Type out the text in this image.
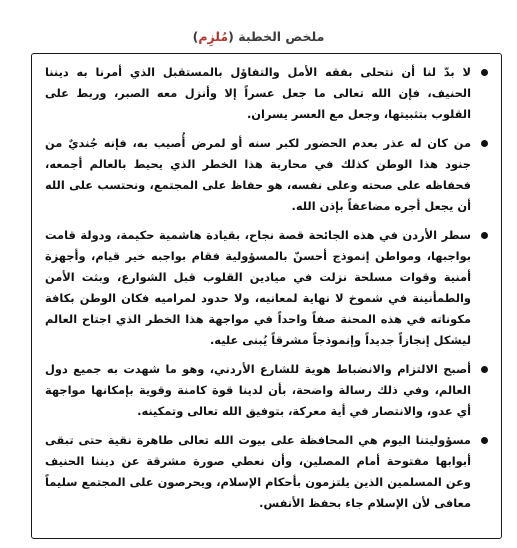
ملخص الخطبة (مُلزِم)
لا بدّ لنا أن نتحلى بفقه الأمل والتفاؤل بالمستقبل الذي أمرنا به ديننا الحنيف، فإن الله تعالى ما جعل عسراً إلا وأنزل معه الصبر، وربط على القلوب بتثبيتها، وجعل مع العسر يسران.
من كان له عذر بعدم الحضور لكبر سنه أو لمرض أُصيب به، فإنه جُنديٌ من جنود هذا الوطن كذلك في محاربة هذا الخطر الذي يحيط بالعالم أجمعه، فحفاظه على صحته وعلى نفسه، هو حفاظ على المجتمع، ونحتسب على الله أن يجعل أجره مضاعفاً بإذن الله.
سطر الأردن في هذه الجائحة قصة نجاح، بقيادة هاشمية حكيمة، ودولة قامت بواجبها، ومواطن إنموذج أحسنّ بالمسؤولية فقام بواجبه خير قيام، وأجهزة أمنية وقوات مسلحة نزلت في ميادين القلوب قبل الشوارع، وبثت الأمن والطمأنينة في شموخ لا نهاية لمعانيه، ولا حدود لمراميه فكان الوطن بكافة مكوناته في هذه المحنة صفاً واحداً في مواجهة هذا الخطر الذي اجتاح العالم ليشكل إنجازاً جديداً وإنموذجاً مشرقاً يُبنى عليه.
أصبح الالتزام والانضباط هوية للشارع الأردني، وهو ما شهدت به جميع دول العالم، وفي ذلك رسالة واضحة، بأن لدينا قوة كامنة وقوية بإمكانها مواجهة أي عدو، والانتصار في أية معركة، بتوفيق الله تعالى وتمكينه.
مسؤوليتنا اليوم هي المحافظة على بيوت الله تعالى طاهرة نقية حتى تبقى أبوابها مفتوحة أمام المصلين، وأن نعطي صورة مشرقة عن ديننا الحنيف وعن المسلمين الذين يلتزمون بأحكام الإسلام، ويحرصون على المجتمع سليماً معافى لأن الإسلام جاء بحفظ الأنفس.
